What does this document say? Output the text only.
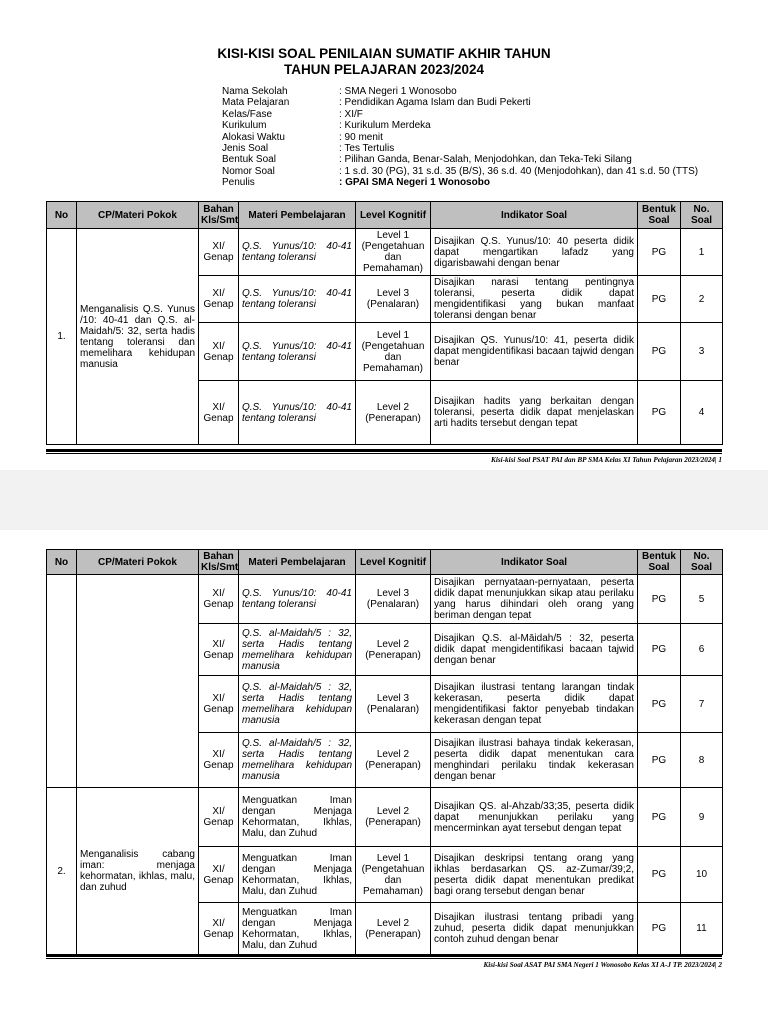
KISI-KISI SOAL PENILAIAN SUMATIF AKHIR TAHUN
TAHUN PELAJARAN 2023/2024
Nama Sekolah	: SMA Negeri 1 Wonosobo
Mata Pelajaran	: Pendidikan Agama Islam dan Budi Pekerti
Kelas/Fase	: XI/F
Kurikulum	: Kurikulum Merdeka
Alokasi Waktu	: 90 menit
Jenis Soal	: Tes Tertulis
Bentuk Soal	: Pilihan Ganda, Benar-Salah, Menjodohkan, dan Teka-Teki Silang
Nomor Soal	: 1 s.d. 30 (PG), 31 s.d. 35 (B/S), 36 s.d. 40 (Menjodohkan), dan 41 s.d. 50 (TTS)
Penulis	: GPAI SMA Negeri 1 Wonosobo
No	CP/Materi Pokok	Bahan Kls/Smt	Materi Pembelajaran	Level Kognitif	Indikator Soal	Bentuk Soal	No. Soal
1.	Menganalisis Q.S. Yunus /10: 40-41 dan Q.S. al-Maidah/5: 32, serta hadis tentang toleransi dan memelihara kehidupan manusia	XI/ Genap	Q.S. Yunus/10: 40-41 tentang toleransi	Level 1 (Pengetahuan dan Pemahaman)	Disajikan Q.S. Yunus/10: 40 peserta didik dapat mengartikan lafadz yang digarisbawahi dengan benar	PG	1
		XI/ Genap	Q.S. Yunus/10: 40-41 tentang toleransi	Level 3 (Penalaran)	Disajikan narasi tentang pentingnya toleransi, peserta didik dapat mengidentifikasi yang bukan manfaat toleransi dengan benar	PG	2
		XI/ Genap	Q.S. Yunus/10: 40-41 tentang toleransi	Level 1 (Pengetahuan dan Pemahaman)	Disajikan QS. Yunus/10: 41, peserta didik dapat mengidentifikasi bacaan tajwid dengan benar	PG	3
		XI/ Genap	Q.S. Yunus/10: 40-41 tentang toleransi	Level 2 (Penerapan)	Disajikan hadits yang berkaitan dengan toleransi, peserta didik dapat menjelaskan arti hadits tersebut dengan tepat	PG	4
Kisi-kisi Soal PSAT PAI dan BP SMA Kelas XI Tahun Pelajaran 2023/2024| 1
No	CP/Materi Pokok	Bahan Kls/Smt	Materi Pembelajaran	Level Kognitif	Indikator Soal	Bentuk Soal	No. Soal
		XI/ Genap	Q.S. Yunus/10: 40-41 tentang toleransi	Level 3 (Penalaran)	Disajikan pernyataan-pernyataan, peserta didik dapat menunjukkan sikap atau perilaku yang harus dihindari oleh orang yang beriman dengan tepat	PG	5
		XI/ Genap	Q.S. al-Maidah/5 : 32, serta Hadis tentang memelihara kehidupan manusia	Level 2 (Penerapan)	Disajikan Q.S. al-Māidah/5 : 32, peserta didik dapat mengidentifikasi bacaan tajwid dengan benar	PG	6
		XI/ Genap	Q.S. al-Maidah/5 : 32, serta Hadis tentang memelihara kehidupan manusia	Level 3 (Penalaran)	Disajikan ilustrasi tentang larangan tindak kekerasan, peserta didik dapat mengidentifikasi faktor penyebab tindakan kekerasan dengan tepat	PG	7
		XI/ Genap	Q.S. al-Maidah/5 : 32, serta Hadis tentang memelihara kehidupan manusia	Level 2 (Penerapan)	Disajikan ilustrasi bahaya tindak kekerasan, peserta didik dapat menentukan cara menghindari perilaku tindak kekerasan dengan benar	PG	8
2.	Menganalisis cabang iman: menjaga kehormatan, ikhlas, malu, dan zuhud	XI/ Genap	Menguatkan Iman dengan Menjaga Kehormatan, Ikhlas, Malu, dan Zuhud	Level 2 (Penerapan)	Disajikan QS. al-Ahzab/33;35, peserta didik dapat menunjukkan perilaku yang mencerminkan ayat tersebut dengan tepat	PG	9
		XI/ Genap	Menguatkan Iman dengan Menjaga Kehormatan, Ikhlas, Malu, dan Zuhud	Level 1 (Pengetahuan dan Pemahaman)	Disajikan deskripsi tentang orang yang ikhlas berdasarkan QS. az-Zumar/39;2, peserta didik dapat menentukan predikat bagi orang tersebut dengan benar	PG	10
		XI/ Genap	Menguatkan Iman dengan Menjaga Kehormatan, Ikhlas, Malu, dan Zuhud	Level 2 (Penerapan)	Disajikan ilustrasi tentang pribadi yang zuhud, peserta didik dapat menunjukkan contoh zuhud dengan benar	PG	11
Kisi-kisi Soal ASAT PAI SMA Negeri 1 Wonosobo Kelas XI A-J TP. 2023/2024| 2
